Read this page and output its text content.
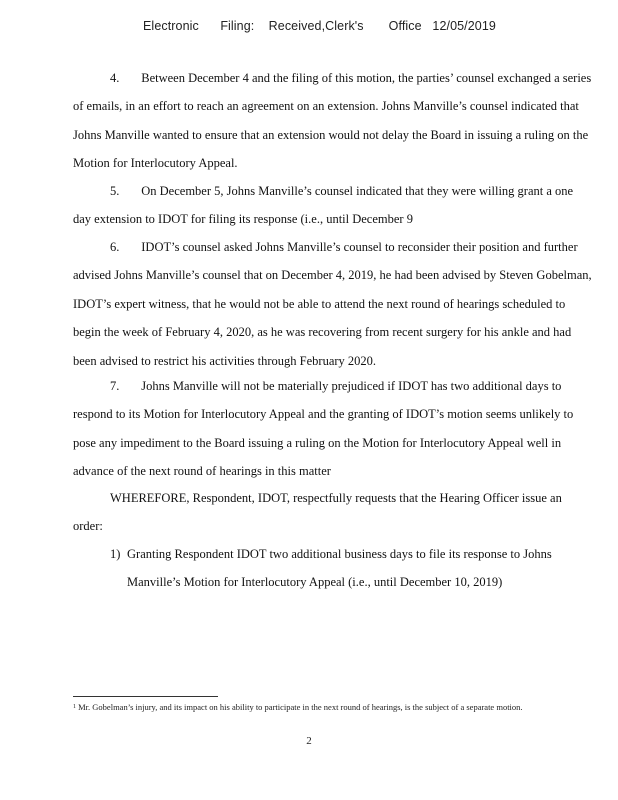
Electronic      Filing:    Received,Clerk's       Office   12/05/2019
4. Between December 4 and the filing of this motion, the parties’ counsel exchanged a series of emails, in an effort to reach an agreement on an extension. Johns Manville’s counsel indicated that Johns Manville wanted to ensure that an extension would not delay the Board in issuing a ruling on the Motion for Interlocutory Appeal.
5. On December 5, Johns Manville’s counsel indicated that they were willing grant a one day extension to IDOT for filing its response (i.e., until December 9
6. IDOT’s counsel asked Johns Manville’s counsel to reconsider their position and further advised Johns Manville’s counsel that on December 4, 2019, he had been advised by Steven Gobelman, IDOT’s expert witness, that he would not be able to attend the next round of hearings scheduled to begin the week of February 4, 2020, as he was recovering from recent surgery for his ankle and had been advised to restrict his activities through February 2020.
7. Johns Manville will not be materially prejudiced if IDOT has two additional days to respond to its Motion for Interlocutory Appeal and the granting of IDOT’s motion seems unlikely to pose any impediment to the Board issuing a ruling on the Motion for Interlocutory Appeal well in advance of the next round of hearings in this matter
WHEREFORE, Respondent, IDOT, respectfully requests that the Hearing Officer issue an order:
1) Granting Respondent IDOT two additional business days to file its response to Johns Manville’s Motion for Interlocutory Appeal (i.e., until December 10, 2019)
$^1$ Mr. Gobelman’s injury, and its impact on his ability to participate in the next round of hearings, is the subject of a separate motion.
2
